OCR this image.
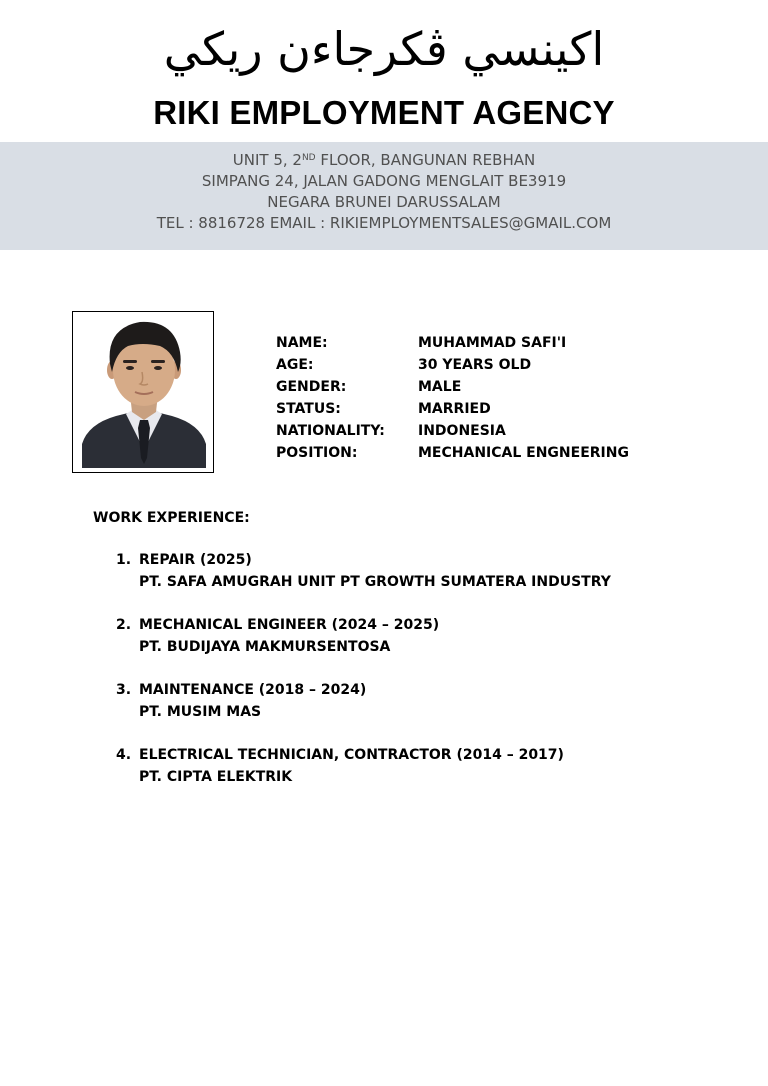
اكينسي ڤكرجاءن ريكي
RIKI EMPLOYMENT AGENCY
UNIT 5, 2ND FLOOR, BANGUNAN REBHAN
SIMPANG 24, JALAN GADONG MENGLAIT BE3919
NEGARA BRUNEI DARUSSALAM
TEL : 8816728 EMAIL : RIKIEMPLOYMENTSALES@GMAIL.COM
NAME:	MUHAMMAD SAFI'I
AGE:	30 YEARS OLD
GENDER:	MALE
STATUS:	MARRIED
NATIONALITY: INDONESIA
POSITION:	MECHANICAL ENGNEERING
WORK EXPERIENCE:
1. REPAIR (2025)
PT. SAFA AMUGRAH UNIT PT GROWTH SUMATERA INDUSTRY
2. MECHANICAL ENGINEER (2024 – 2025)
PT. BUDIJAYA MAKMURSENTOSA
3. MAINTENANCE (2018 – 2024)
PT. MUSIM MAS
4. ELECTRICAL TECHNICIAN, CONTRACTOR (2014 – 2017)
PT. CIPTA ELEKTRIK
